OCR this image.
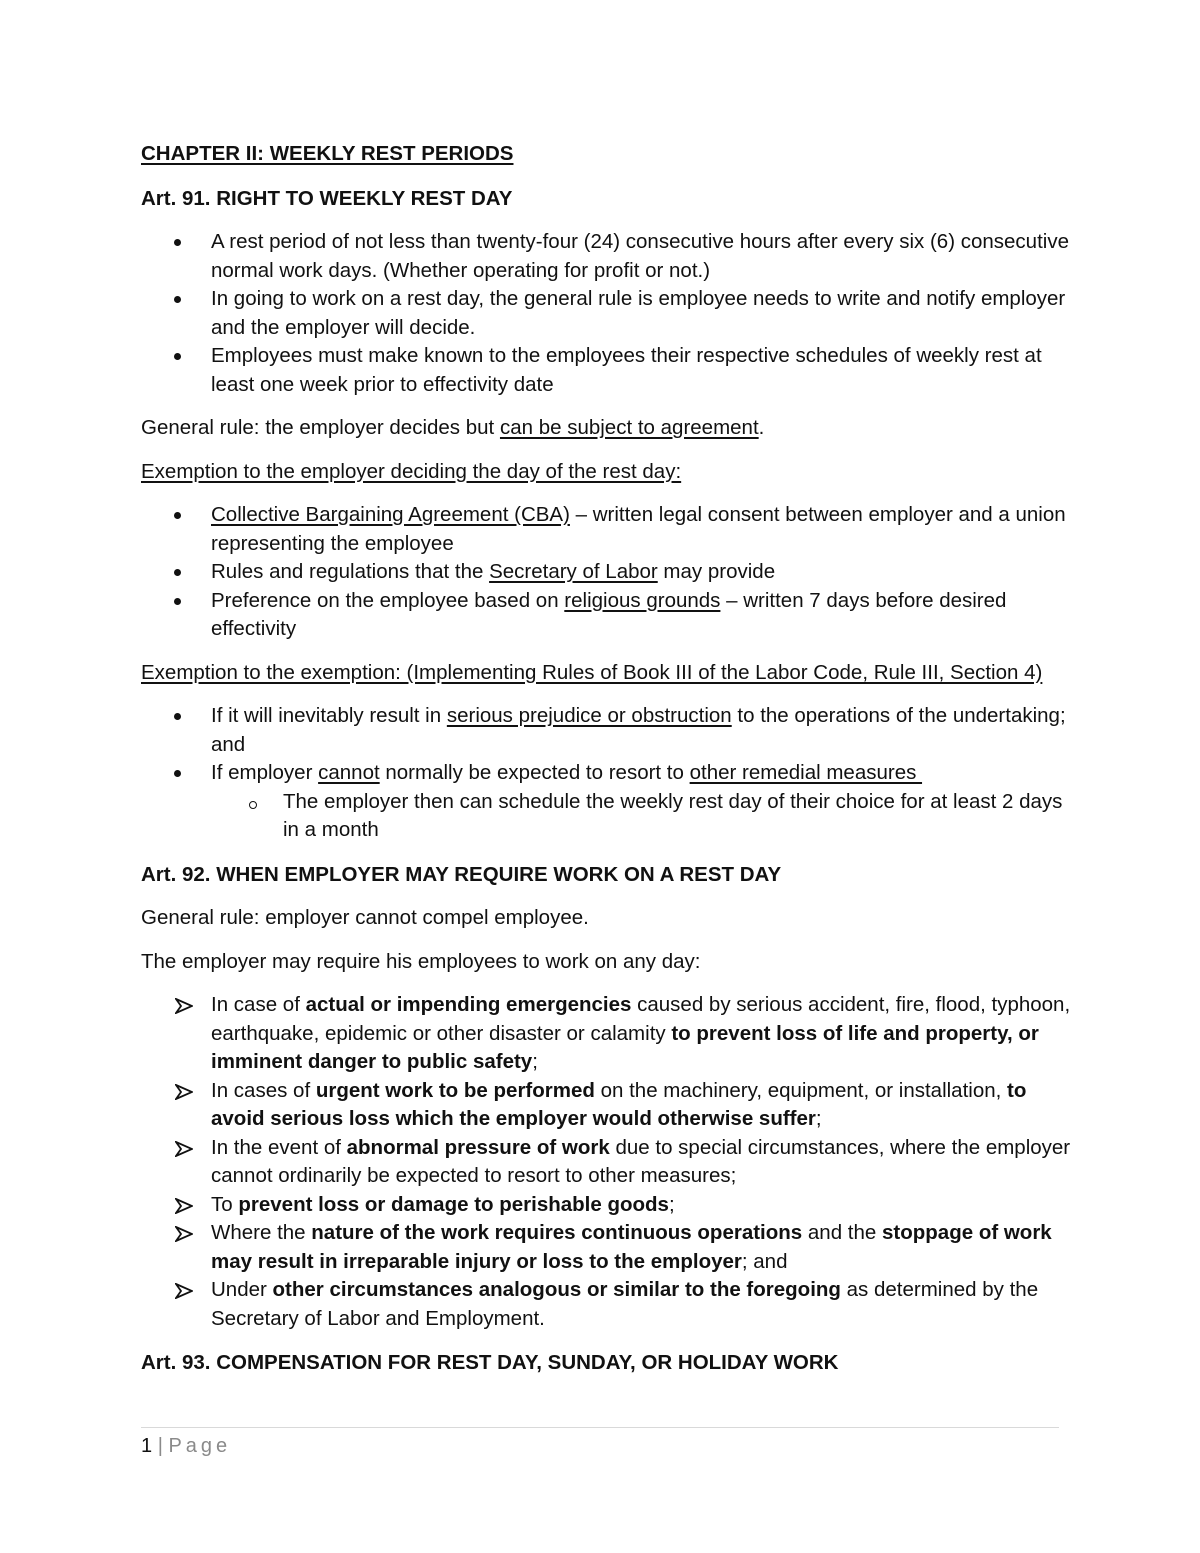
CHAPTER II: WEEKLY REST PERIODS

Art. 91. RIGHT TO WEEKLY REST DAY

A rest period of not less than twenty-four (24) consecutive hours after every six (6) consecutive normal work days. (Whether operating for profit or not.)
In going to work on a rest day, the general rule is employee needs to write and notify employer and the employer will decide.
Employees must make known to the employees their respective schedules of weekly rest at least one week prior to effectivity date

General rule: the employer decides but can be subject to agreement.

Exemption to the employer deciding the day of the rest day:

Collective Bargaining Agreement (CBA) – written legal consent between employer and a union representing the employee
Rules and regulations that the Secretary of Labor may provide
Preference on the employee based on religious grounds – written 7 days before desired effectivity

Exemption to the exemption: (Implementing Rules of Book III of the Labor Code, Rule III, Section 4)

If it will inevitably result in serious prejudice or obstruction to the operations of the undertaking; and
If employer cannot normally be expected to resort to other remedial measures
The employer then can schedule the weekly rest day of their choice for at least 2 days in a month

Art. 92. WHEN EMPLOYER MAY REQUIRE WORK ON A REST DAY

General rule: employer cannot compel employee.

The employer may require his employees to work on any day:

In case of actual or impending emergencies caused by serious accident, fire, flood, typhoon, earthquake, epidemic or other disaster or calamity to prevent loss of life and property, or imminent danger to public safety;
In cases of urgent work to be performed on the machinery, equipment, or installation, to avoid serious loss which the employer would otherwise suffer;
In the event of abnormal pressure of work due to special circumstances, where the employer cannot ordinarily be expected to resort to other measures;
To prevent loss or damage to perishable goods;
Where the nature of the work requires continuous operations and the stoppage of work may result in irreparable injury or loss to the employer; and
Under other circumstances analogous or similar to the foregoing as determined by the Secretary of Labor and Employment.

Art. 93. COMPENSATION FOR REST DAY, SUNDAY, OR HOLIDAY WORK

1 | Page
